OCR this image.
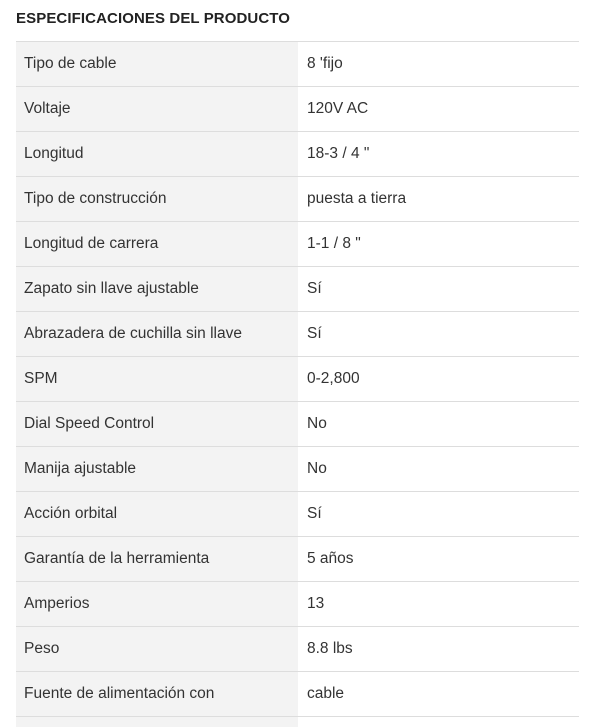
ESPECIFICACIONES DEL PRODUCTO
Tipo de cable	8 'fijo
Voltaje	120V AC
Longitud	18-3 / 4 "
Tipo de construcción	puesta a tierra
Longitud de carrera	1-1 / 8 "
Zapato sin llave ajustable	Sí
Abrazadera de cuchilla sin llave	Sí
SPM	0-2,800
Dial Speed Control	No
Manija ajustable	No
Acción orbital	Sí
Garantía de la herramienta	5 años
Amperios	13
Peso	8.8 lbs
Fuente de alimentación con	cable
